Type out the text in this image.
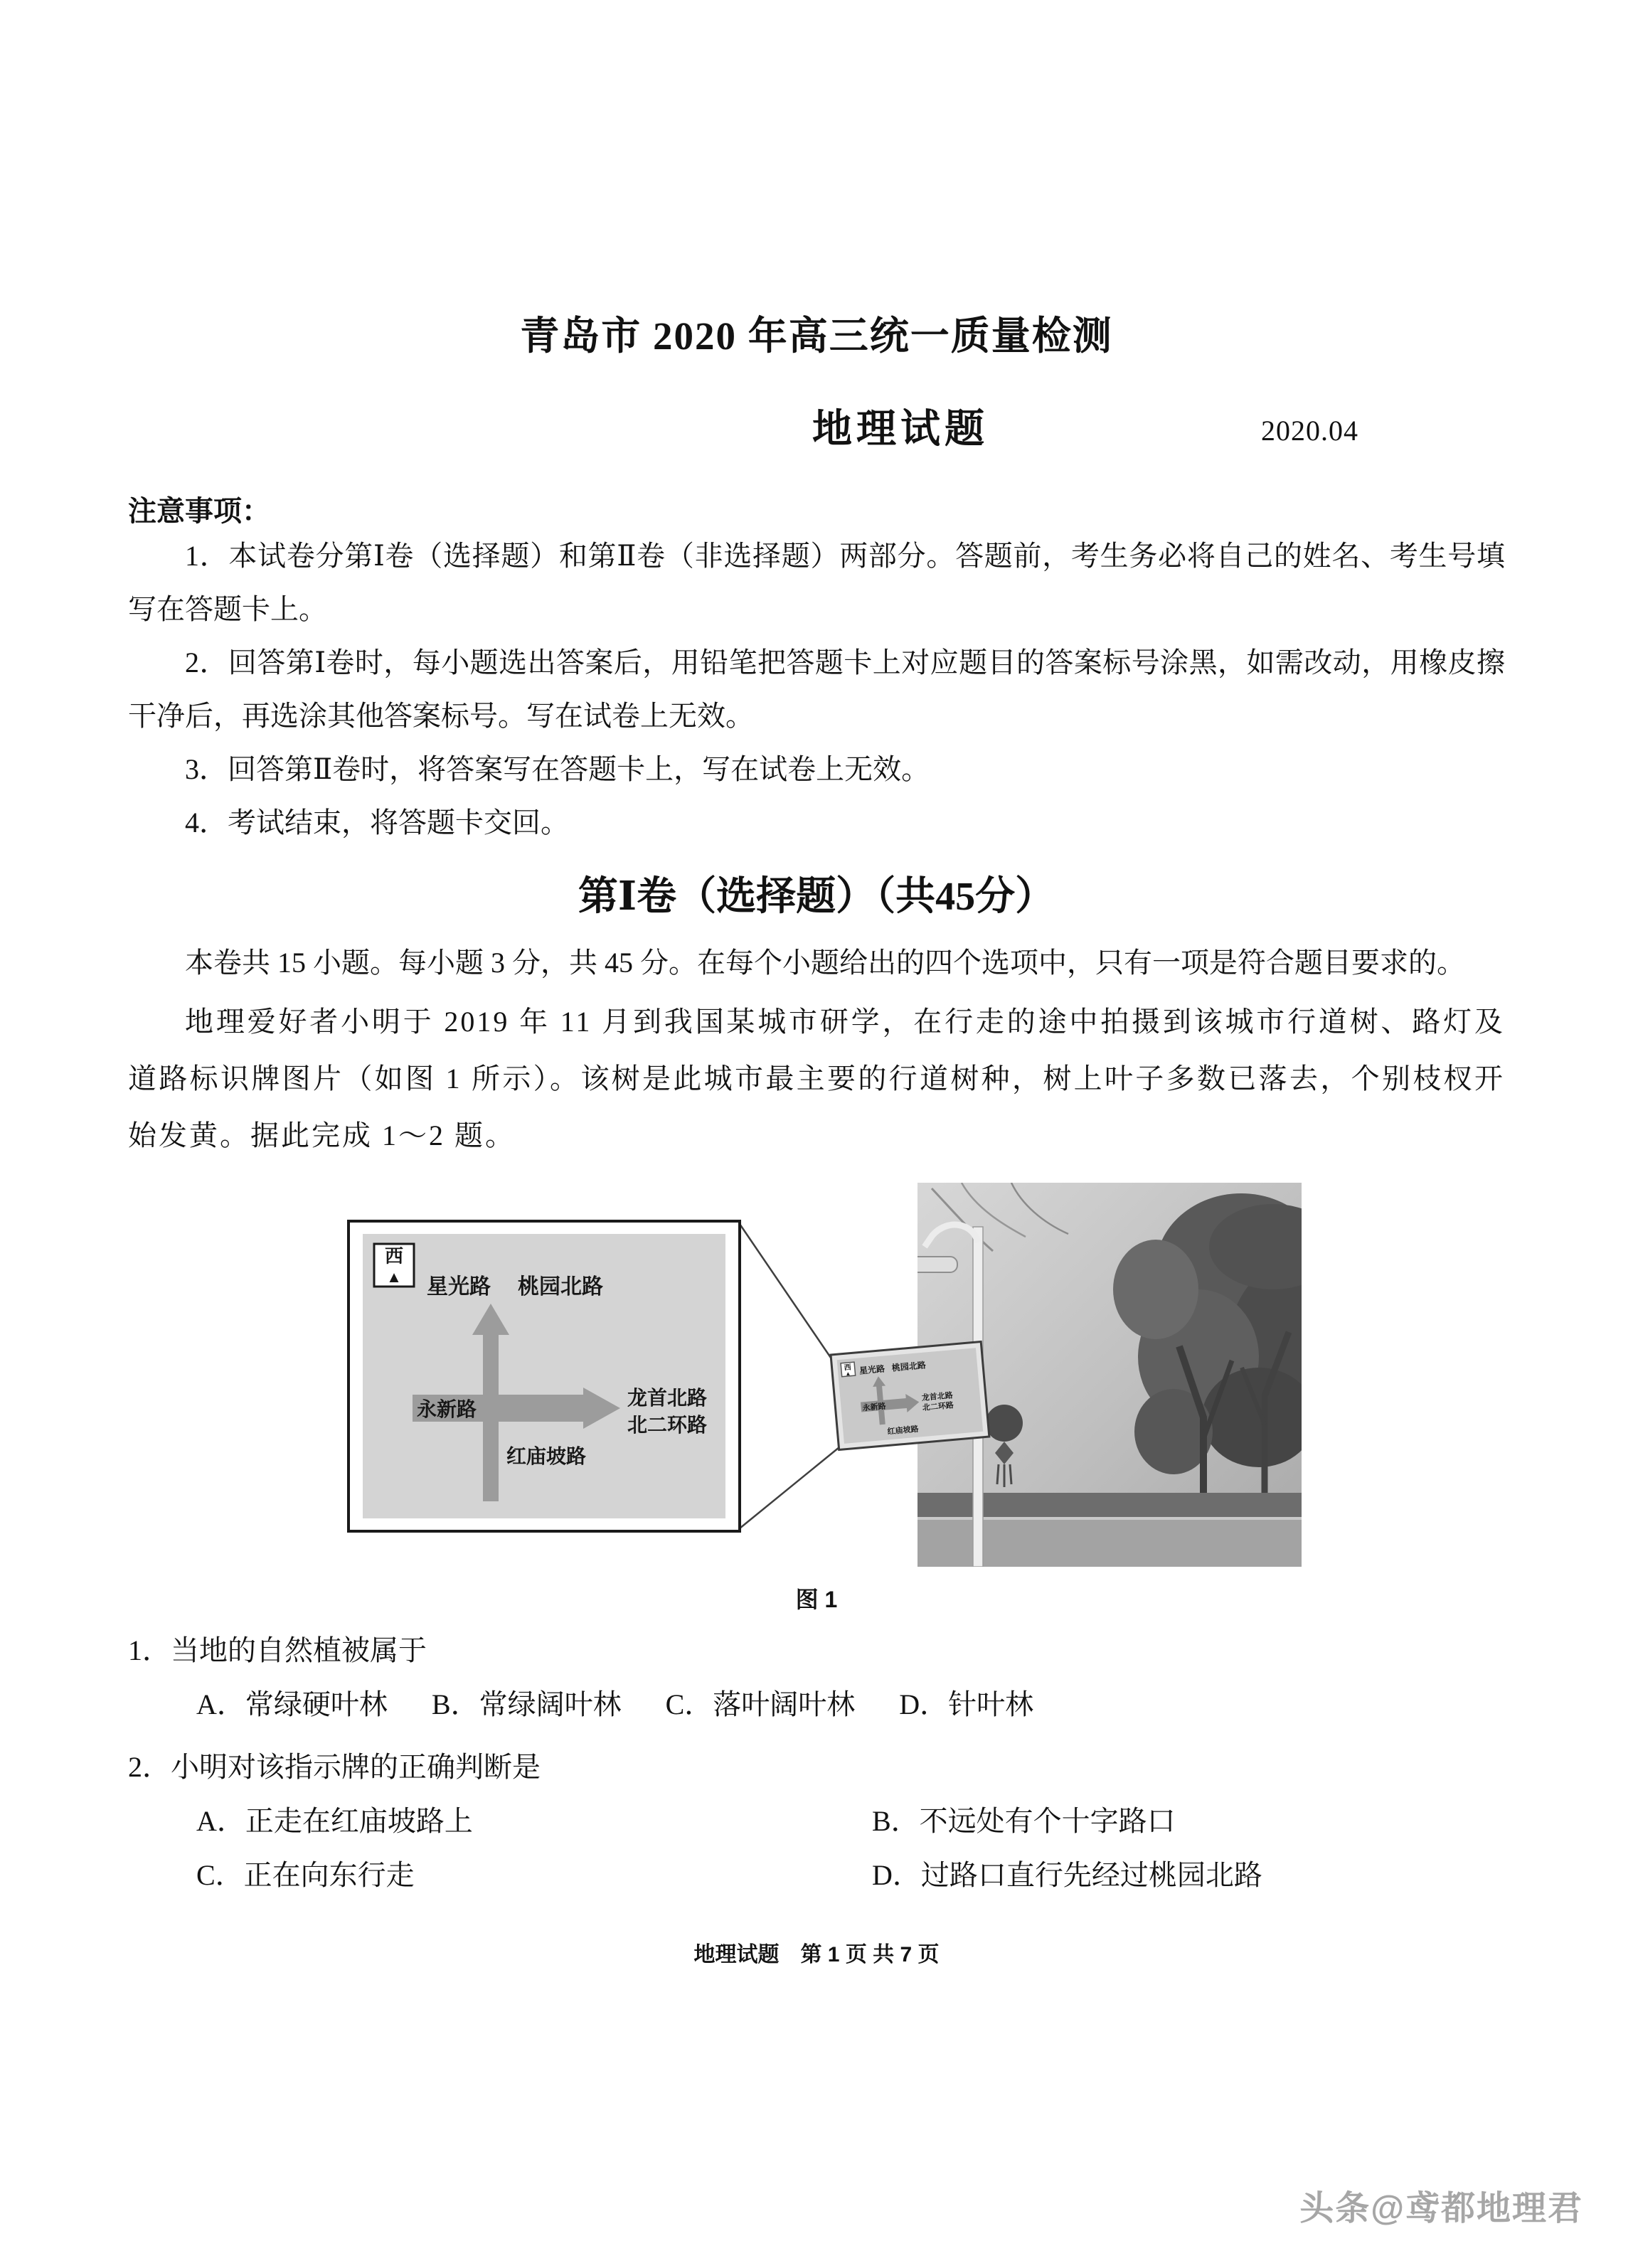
青岛市 2020 年高三统一质量检测
地理试题	2020.04
注意事项：

1．本试卷分第Ⅰ卷（选择题）和第Ⅱ卷（非选择题）两部分。答题前，考生务必将自己的姓名、考生号填写在答题卡上。

2．回答第Ⅰ卷时，每小题选出答案后，用铅笔把答题卡上对应题目的答案标号涂黑，如需改动，用橡皮擦干净后，再选涂其他答案标号。写在试卷上无效。

3．回答第Ⅱ卷时，将答案写在答题卡上，写在试卷上无效。

4．考试结束，将答题卡交回。

第Ⅰ卷（选择题）（共45分）

本卷共 15 小题。每小题 3 分，共 45 分。在每个小题给出的四个选项中，只有一项是符合题目要求的。

地理爱好者小明于 2019 年 11 月到我国某城市研学，在行走的途中拍摄到该城市行道树、路灯及道路标识牌图片（如图 1 所示）。该树是此城市最主要的行道树种，树上叶子多数已落去，个别枝杈开始发黄。据此完成 1～2 题。

西
▲ 星光路 桃园北路
永新路
龙首北路
北二环路
红庙坡路
西
▲ 星光路 桃园北路
永新路
龙首北路
北二环路
红庙坡路
图 1

1．当地的自然植被属于

A．常绿硬叶林 B．常绿阔叶林 C．落叶阔叶林 D．针叶林

2．小明对该指示牌的正确判断是

A．正走在红庙坡路上	B．不远处有个十字路口
C．正在向东行走	D．过路口直行先经过桃园北路
地理试题　第 1 页 共 7 页
头条@鸢都地理君
